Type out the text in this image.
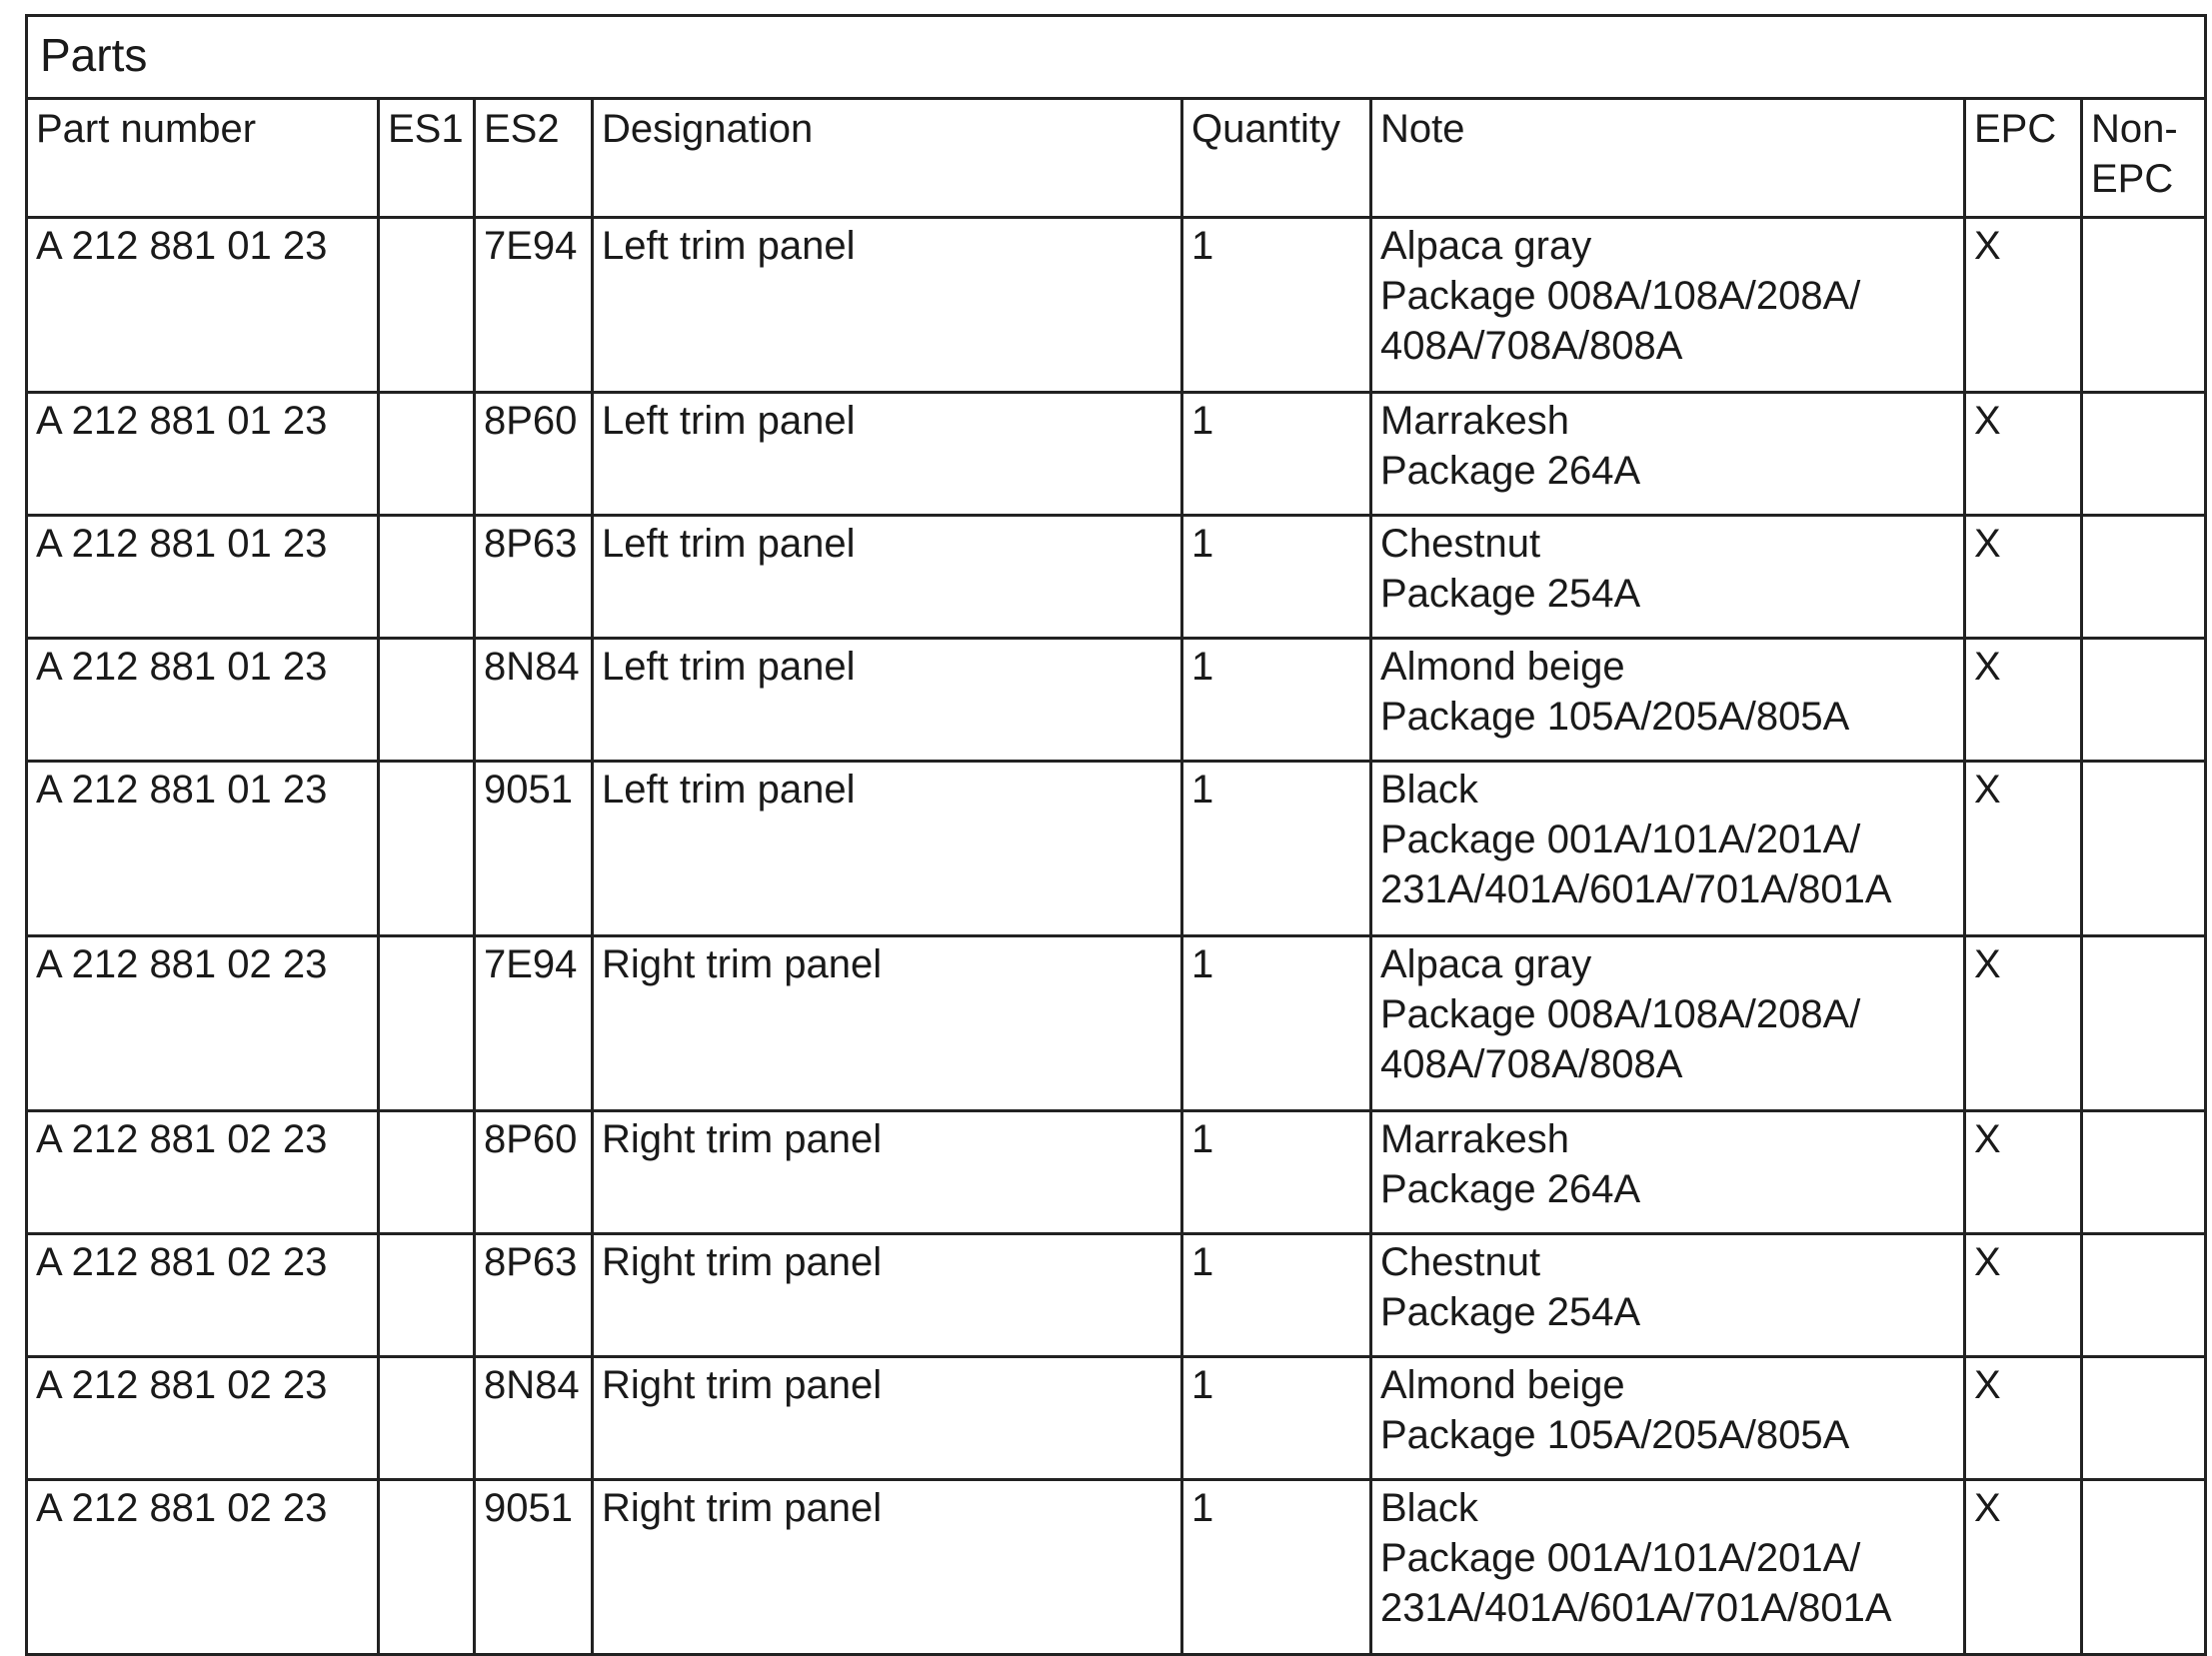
Parts							
Part number	ES1	ES2	Designation	Quantity	Note	EPC	Non-
EPC

A 212 881 01 23		7E94	Left trim panel	1	Alpaca gray
Package 008A/108A/208A/
408A/708A/808A	X	
A 212 881 01 23		8P60	Left trim panel	1	Marrakesh
Package 264A	X	
A 212 881 01 23		8P63	Left trim panel	1	Chestnut
Package 254A	X	
A 212 881 01 23		8N84	Left trim panel	1	Almond beige
Package 105A/205A/805A	X	
A 212 881 01 23		9051	Left trim panel	1	Black
Package 001A/101A/201A/
231A/401A/601A/701A/801A	X	
A 212 881 02 23		7E94	Right trim panel	1	Alpaca gray
Package 008A/108A/208A/
408A/708A/808A	X	
A 212 881 02 23		8P60	Right trim panel	1	Marrakesh
Package 264A	X	
A 212 881 02 23		8P63	Right trim panel	1	Chestnut
Package 254A	X	
A 212 881 02 23		8N84	Right trim panel	1	Almond beige
Package 105A/205A/805A	X	
A 212 881 02 23		9051	Right trim panel	1	Black
Package 001A/101A/201A/
231A/401A/601A/701A/801A	X	
